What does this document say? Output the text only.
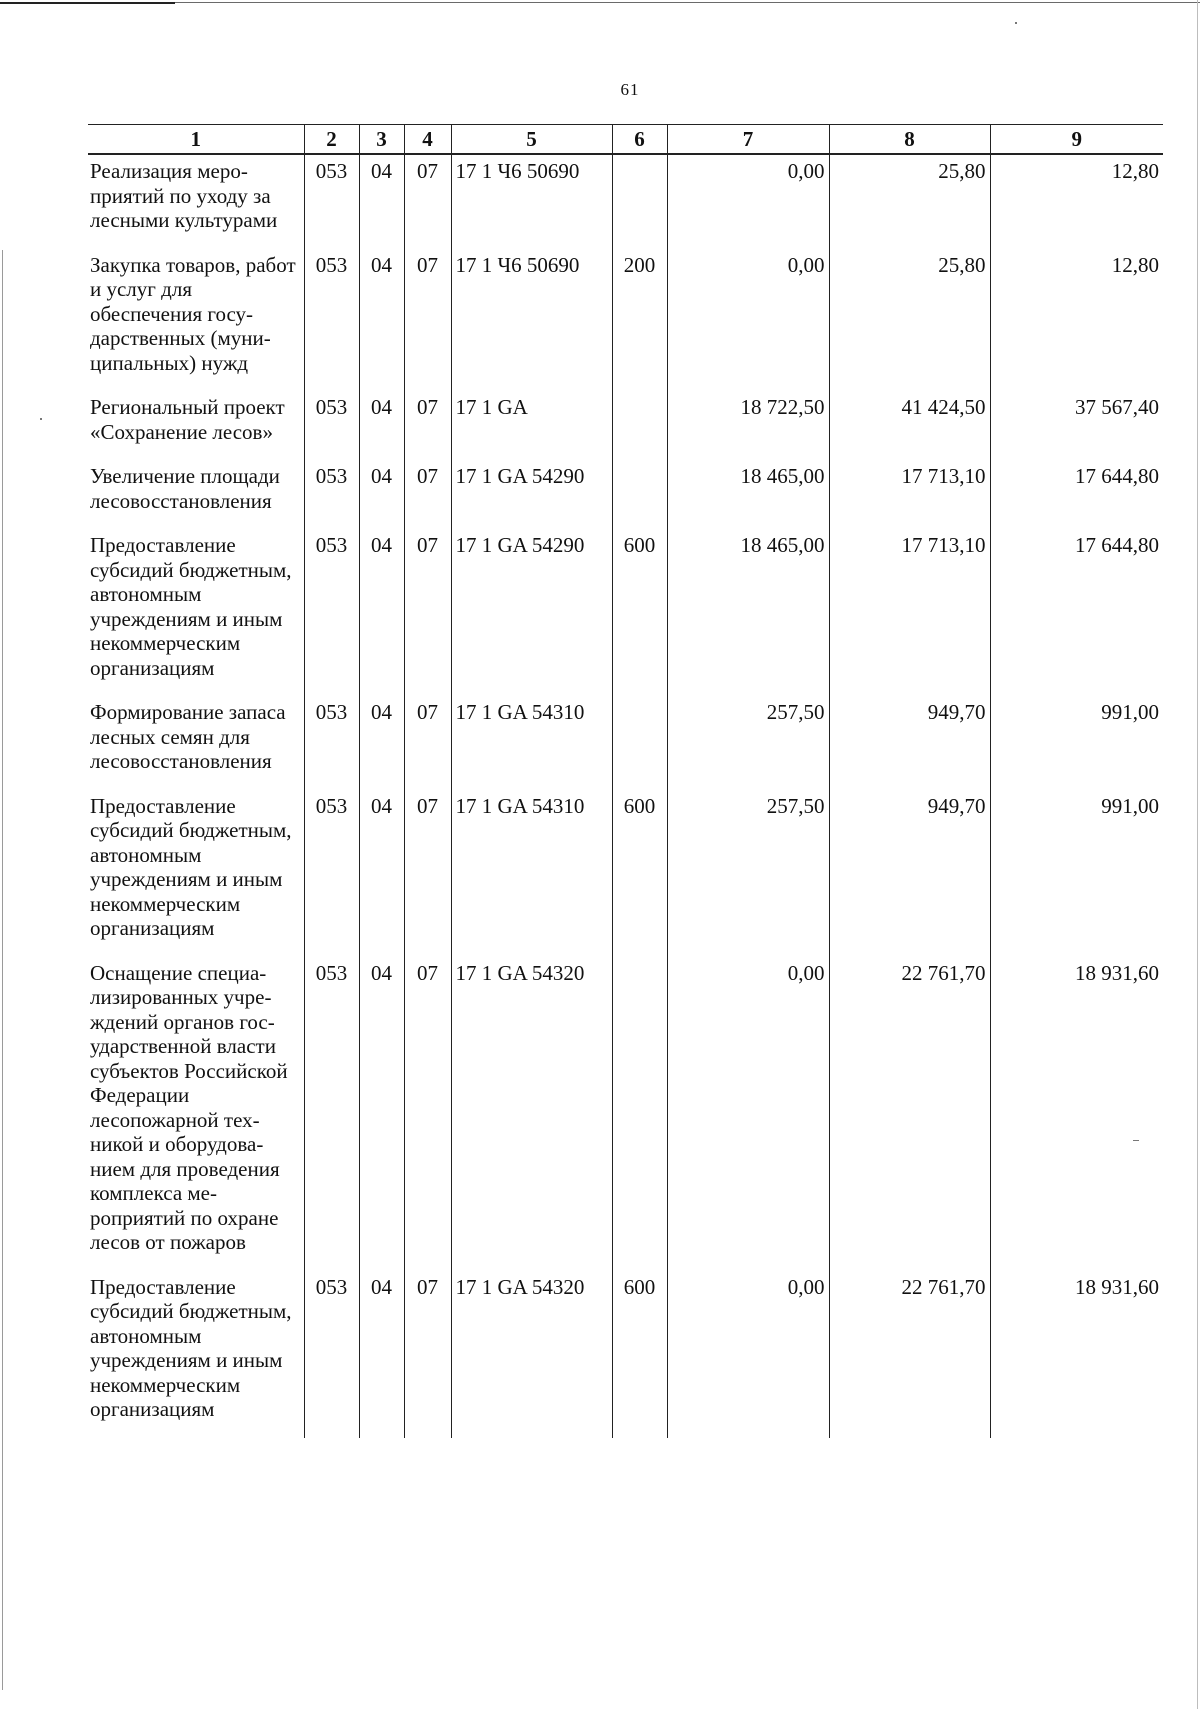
61
1	2	3	4	5	6	7	8	9
Реализация мероприятий по уходу за лесными культурами	053	04	07	17 1 Ч6 50690		0,00	25,80	12,80
Закупка товаров, работ и услуг для обеспечения государственных (муниципальных) нужд	053	04	07	17 1 Ч6 50690	200	0,00	25,80	12,80
Региональный проект «Сохранение лесов»	053	04	07	17 1 GA		18 722,50	41 424,50	37 567,40
Увеличение площади лесовосстановления	053	04	07	17 1 GA 54290		18 465,00	17 713,10	17 644,80
Предоставление субсидий бюджетным, автономным учреждениям и иным некоммерческим организациям	053	04	07	17 1 GA 54290	600	18 465,00	17 713,10	17 644,80
Формирование запаса лесных семян для лесовосстановления	053	04	07	17 1 GA 54310		257,50	949,70	991,00
Предоставление субсидий бюджетным, автономным учреждениям и иным некоммерческим организациям	053	04	07	17 1 GA 54310	600	257,50	949,70	991,00
Оснащение специализированных учреждений органов государственной власти субъектов Российской Федерации лесопожарной техникой и оборудованием для проведения комплекса мероприятий по охране лесов от пожаров	053	04	07	17 1 GA 54320		0,00	22 761,70	18 931,60
Предоставление субсидий бюджетным, автономным учреждениям и иным некоммерческим организациям	053	04	07	17 1 GA 54320	600	0,00	22 761,70	18 931,60
